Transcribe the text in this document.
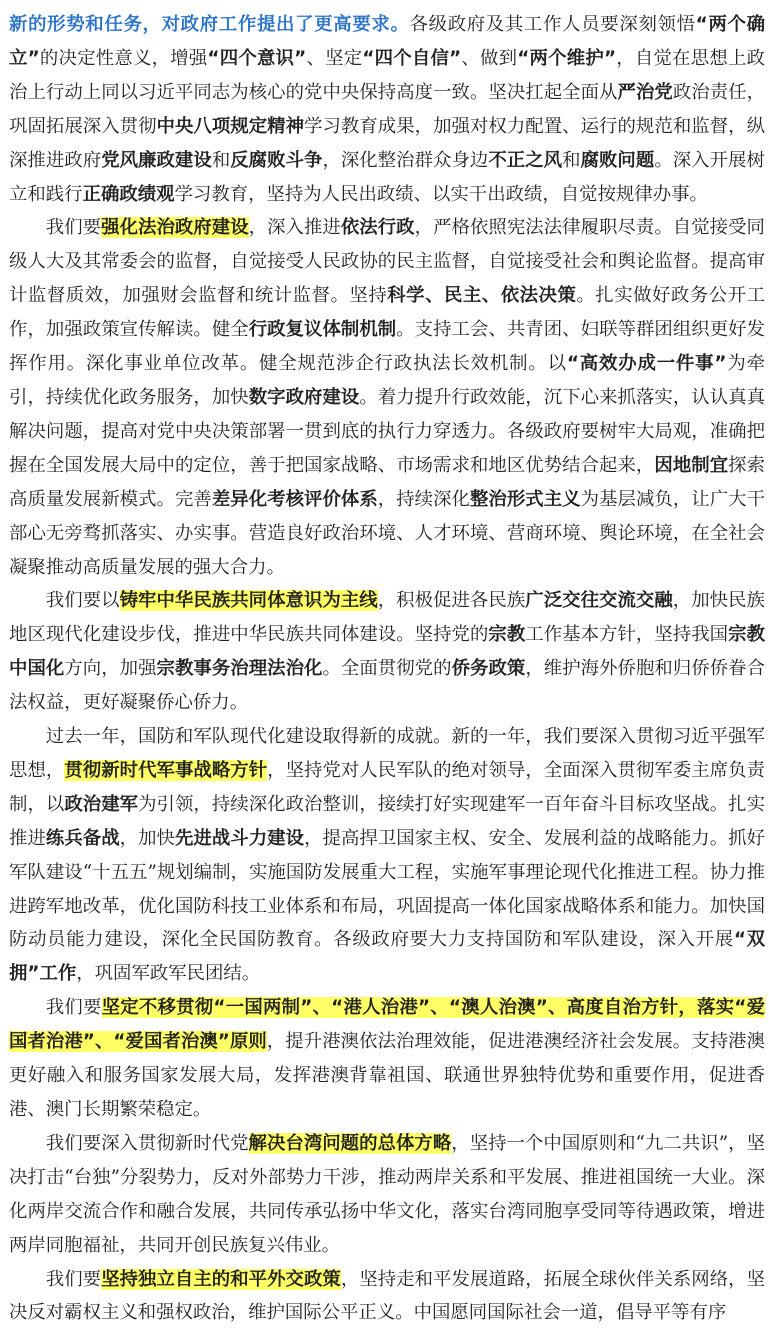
新的形势和任务，对政府工作提出了更高要求。各级政府及其工作人员要深刻领悟“两个确立”的决定性意义，增强“四个意识”、坚定“四个自信”、做到“两个维护”，自觉在思想上政治上行动上同以习近平同志为核心的党中央保持高度一致。坚决扛起全面从严治党政治责任，巩固拓展深入贯彻中央八项规定精神学习教育成果，加强对权力配置、运行的规范和监督，纵深推进政府党风廉政建设和反腐败斗争，深化整治群众身边不正之风和腐败问题。深入开展树立和践行正确政绩观学习教育，坚持为人民出政绩、以实干出政绩，自觉按规律办事。

我们要强化法治政府建设，深入推进依法行政，严格依照宪法法律履职尽责。自觉接受同级人大及其常委会的监督，自觉接受人民政协的民主监督，自觉接受社会和舆论监督。提高审计监督质效，加强财会监督和统计监督。坚持科学、民主、依法决策。扎实做好政务公开工作，加强政策宣传解读。健全行政复议体制机制。支持工会、共青团、妇联等群团组织更好发挥作用。深化事业单位改革。健全规范涉企行政执法长效机制。以“高效办成一件事”为牵引，持续优化政务服务，加快数字政府建设。着力提升行政效能，沉下心来抓落实，认认真真解决问题，提高对党中央决策部署一贯到底的执行力穿透力。各级政府要树牢大局观，准确把握在全国发展大局中的定位，善于把国家战略、市场需求和地区优势结合起来，因地制宜探索高质量发展新模式。完善差异化考核评价体系，持续深化整治形式主义为基层减负，让广大干部心无旁骛抓落实、办实事。营造良好政治环境、人才环境、营商环境、舆论环境，在全社会凝聚推动高质量发展的强大合力。

我们要以铸牢中华民族共同体意识为主线，积极促进各民族广泛交往交流交融，加快民族地区现代化建设步伐，推进中华民族共同体建设。坚持党的宗教工作基本方针，坚持我国宗教中国化方向，加强宗教事务治理法治化。全面贯彻党的侨务政策，维护海外侨胞和归侨侨眷合法权益，更好凝聚侨心侨力。

过去一年，国防和军队现代化建设取得新的成就。新的一年，我们要深入贯彻习近平强军思想，贯彻新时代军事战略方针，坚持党对人民军队的绝对领导，全面深入贯彻军委主席负责制，以政治建军为引领，持续深化政治整训，接续打好实现建军一百年奋斗目标攻坚战。扎实推进练兵备战，加快先进战斗力建设，提高捍卫国家主权、安全、发展利益的战略能力。抓好军队建设“十五五”规划编制，实施国防发展重大工程，实施军事理论现代化推进工程。协力推进跨军地改革，优化国防科技工业体系和布局，巩固提高一体化国家战略体系和能力。加快国防动员能力建设，深化全民国防教育。各级政府要大力支持国防和军队建设，深入开展“双拥”工作，巩固军政军民团结。

我们要坚定不移贯彻“一国两制”、“港人治港”、“澳人治澳”、高度自治方针，落实“爱国者治港”、“爱国者治澳”原则，提升港澳依法治理效能，促进港澳经济社会发展。支持港澳更好融入和服务国家发展大局，发挥港澳背靠祖国、联通世界独特优势和重要作用，促进香港、澳门长期繁荣稳定。

我们要深入贯彻新时代党解决台湾问题的总体方略，坚持一个中国原则和“九二共识”，坚决打击“台独”分裂势力，反对外部势力干涉，推动两岸关系和平发展、推进祖国统一大业。深化两岸交流合作和融合发展，共同传承弘扬中华文化，落实台湾同胞享受同等待遇政策，增进两岸同胞福祉，共同开创民族复兴伟业。

我们要坚持独立自主的和平外交政策，坚持走和平发展道路，拓展全球伙伴关系网络，坚决反对霸权主义和强权政治，维护国际公平正义。中国愿同国际社会一道，倡导平等有序
